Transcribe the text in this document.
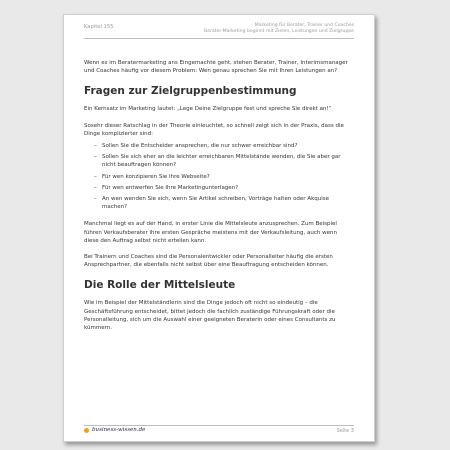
Kapitel 155	Marketing für Berater, Trainer und Coaches
Berater-Marketing beginnt mit Zielen, Leistungen und Zielgruppe

Wenn es im Beratermarketing ans Eingemachte geht, stehen Berater, Trainer, Interimsmanager und Coaches häufig vor diesem Problem: Wen genau sprechen Sie mit Ihren Leistungen an?

Fragen zur Zielgruppenbestimmung

Ein Kernsatz im Marketing lautet: „Lege Deine Zielgruppe fest und spreche Sie direkt an!“

Sosehr dieser Ratschlag in der Theorie einleuchtet, so schnell zeigt sich in der Praxis, dass die Dinge komplizierter sind:

– Sollen Sie die Entscheider ansprechen, die nur schwer erreichbar sind?
– Sollen Sie sich eher an die leichter erreichbaren Mittelstände wenden, die Sie aber gar nicht beauftragen können?
– Für wen konzipieren Sie Ihre Webseite?
– Für wen entwerfen Sie Ihre Marketingunterlagen?
– An wen wenden Sie sich, wenn Sie Artikel schreiben, Vorträge halten oder Akquise machen?

Manchmal liegt es auf der Hand, in erster Linie die Mittelsleute anzusprechen. Zum Beispiel führen Verkaufsberater ihre ersten Gespräche meistens mit der Verkaufsleitung, auch wenn diese den Auftrag selbst nicht erteilen kann.

Bei Trainern und Coaches sind die Personalentwickler oder Personalleiter häufig die ersten Ansprechpartner, die ebenfalls nicht selbst über eine Beauftragung entscheiden können.

Die Rolle der Mittelsleute

Wie im Beispiel der Mittelständlerin sind die Dinge jedoch oft nicht so eindeutig – die Geschäftsführung entscheidet, bittet jedoch die fachlich zuständige Führungskraft oder die Personalleitung, sich um die Auswahl einer geeigneten Beraterin oder eines Consultants zu kümmern.

business-wissen.de	Seite 3
